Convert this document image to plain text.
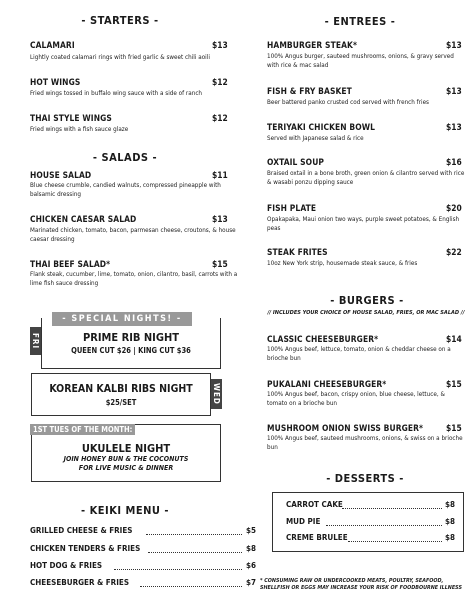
- STARTERS -
CALAMARI	$13
Lightly coated calamari rings with fried garlic & sweet chili aoili
HOT WINGS	$12
Fried wings tossed in buffalo wing sauce with a side of ranch
THAI STYLE WINGS	$12
Fried wings with a fish sauce glaze
- SALADS -
HOUSE SALAD	$11
Blue cheese crumble, candied walnuts, compressed pineapple with balsamic dressing
CHICKEN CAESAR SALAD	$13
Marinated chicken, tomato, bacon, parmesan cheese, croutons, & house caesar dressing
THAI BEEF SALAD*	$15
Flank steak, cucumber, lime, tomato, onion, cilantro, basil, carrots with a lime fish sauce dressing
- SPECIAL NIGHTS! -
FRI	PRIME RIB NIGHT
QUEEN CUT $26 | KING CUT $36
WED
KOREAN KALBI RIBS NIGHT
$25/SET
1ST TUES OF THE MONTH:
UKULELE NIGHT
JOIN HONEY BUN & THE COCONUTS
FOR LIVE MUSIC & DINNER
- KEIKI MENU -
GRILLED CHEESE & FRIES	$5
CHICKEN TENDERS & FRIES	$8
HOT DOG & FRIES	$6
CHEESEBURGER & FRIES	$7
- ENTREES -
HAMBURGER STEAK*	$13
100% Angus burger, sauteed mushrooms, onions, & gravy served with rice & mac salad
FISH & FRY BASKET	$13
Beer battered panko crusted cod served with french fries
TERIYAKI CHICKEN BOWL	$13
Served with Japanese salad & rice
OXTAIL SOUP	$16
Braised oxtail in a bone broth, green onion & cilantro served with rice & wasabi ponzu dipping sauce
FISH PLATE	$20
Opakapaka, Maui onion two ways, purple sweet potatoes, & English peas
STEAK FRITES	$22
10oz New York strip, housemade steak sauce, & fries
- BURGERS -
// INCLUDES YOUR CHOICE OF HOUSE SALAD, FRIES, OR MAC SALAD //
CLASSIC CHEESEBURGER*	$14
100% Angus beef, lettuce, tomato, onion & cheddar cheese on a brioche bun
PUKALANI CHEESEBURGER*	$15
100% Angus beef, bacon, crispy onion, blue cheese, lettuce, & tomato on a brioche bun
MUSHROOM ONION SWISS BURGER*	$15
100% Angus beef, sauteed mushrooms, onions, & swiss on a brioche bun
- DESSERTS -
CARROT CAKE	$8
MUD PIE	$8
CREME BRULEE	$8
* CONSUMING RAW OR UNDERCOOKED MEATS, POULTRY, SEAFOOD, SHELLFISH OR EGGS MAY INCREASE YOUR RISK OF FOODBOURNE ILLNESS
